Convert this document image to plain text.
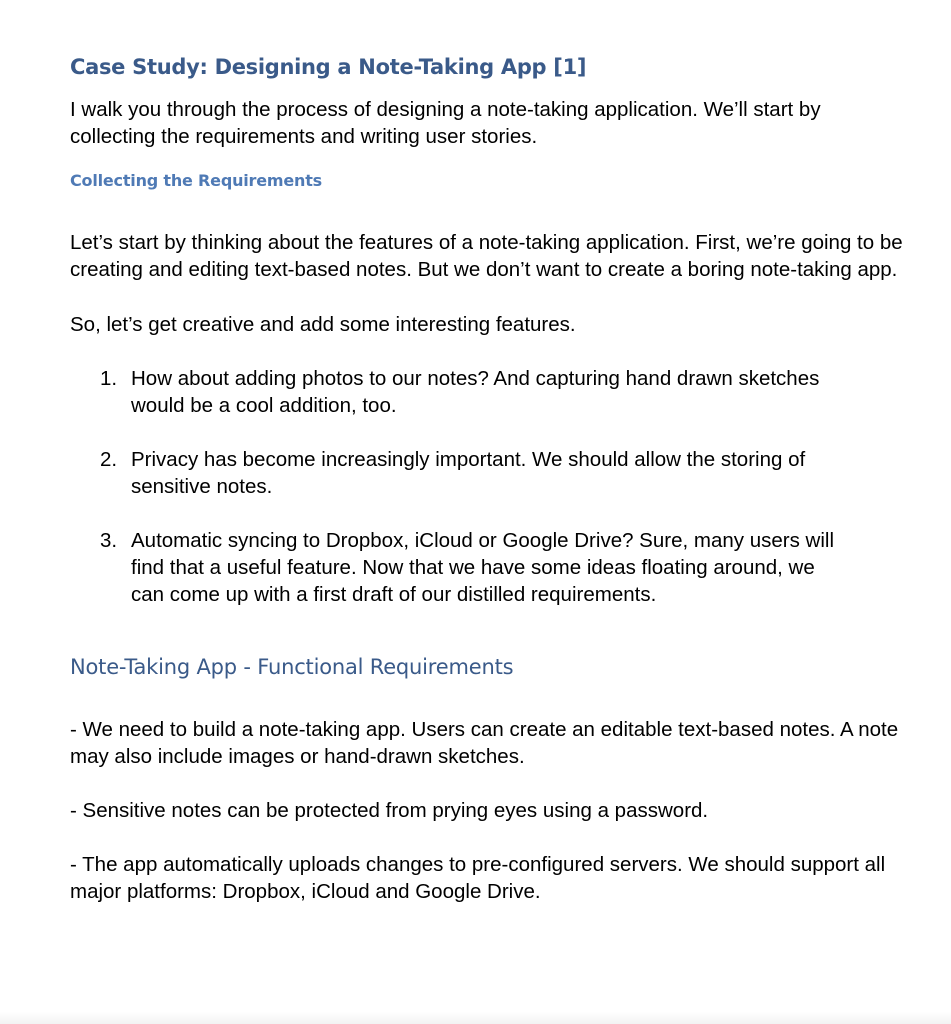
Case Study: Designing a Note-Taking App [1]

I walk you through the process of designing a note-taking application. We’ll start by collecting the requirements and writing user stories.

Collecting the Requirements

Let’s start by thinking about the features of a note-taking application. First, we’re going to be creating and editing text-based notes. But we don’t want to create a boring note-taking app.

So, let’s get creative and add some interesting features.

1. How about adding photos to our notes? And capturing hand drawn sketches would be a cool addition, too.
2. Privacy has become increasingly important. We should allow the storing of sensitive notes.
3. Automatic syncing to Dropbox, iCloud or Google Drive? Sure, many users will find that a useful feature. Now that we have some ideas floating around, we can come up with a first draft of our distilled requirements.
Note-Taking App - Functional Requirements

- We need to build a note-taking app. Users can create an editable text-based notes. A note may also include images or hand-drawn sketches.

- Sensitive notes can be protected from prying eyes using a password.

- The app automatically uploads changes to pre-configured servers. We should support all major platforms: Dropbox, iCloud and Google Drive.
